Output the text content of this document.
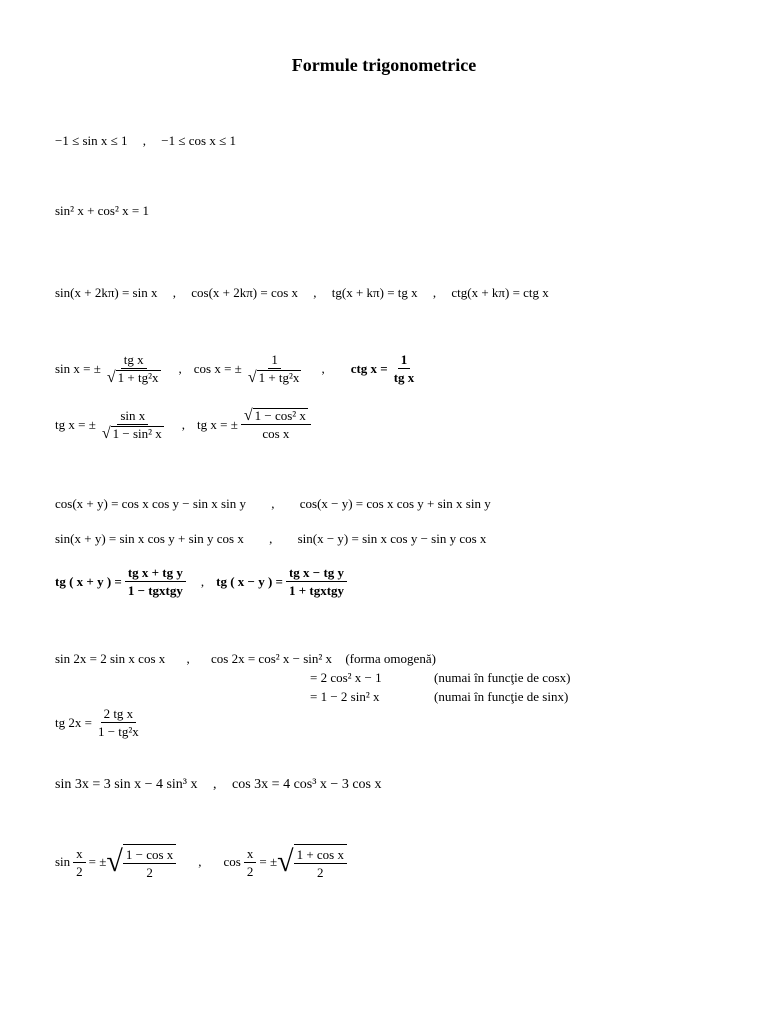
Formule trigonometrice
−1 ≤ sin x ≤ 1 , −1 ≤ cos x ≤ 1
sin² x + cos² x = 1
sin(x + 2kπ) = sin x , cos(x + 2kπ) = cos x , tg(x + kπ) = tg x , ctg(x + kπ) = ctg x
sin x = ± $\frac{\text{tg x}}{\text{√ 1 + tg²x}}$ , cos x = ± $\frac{1}{\text{√ 1 + tg²x}}$ , ctg $x = \frac{1}{\text{tg x}}$
tg x = ± $\frac{\text{sin x}}{\text{√ 1 − sin² x}}$ , tg x = ± $\frac{\text{√ 1 − cos² x}}{\text{cos x}}$
cos(x + y) = cos x cos y − sin x sin y , cos(x − y) = cos x cos y + sin x sin y
sin(x + y) = sin x cos y + sin y cos x , sin(x − y) = sin x cos y − sin y cos x
tg ( x + y ) = $\frac{\text{tg x + tg y}}{\text{1 − tgxtgy}}$ , tg ( x − y ) = $\frac{\text{tg x − tg y}}{\text{1 + tgxtgy}}$
sin 2x = 2 sin x cos x , cos 2x = cos² x − sin² x (forma omogenă)
= 2 cos² x − 1	(numai în funcţie de cosx)
= 1 − 2 sin² x	(numai în funcţie de sinx)
tg $2x = \frac{\text{2 tg x}}{\text{1 − tg²x}}$
sin 3x = 3 sin x − 4 sin³ x , cos 3x = 4 cos³ x − 3 cos x
$\sin \frac{x}{2}$ = ± √ $\frac{\text{1 − cos x}}{2}$ , $\cos \frac{x}{2}$ = ± √ $\frac{\text{1 + cos x}}{2}$
